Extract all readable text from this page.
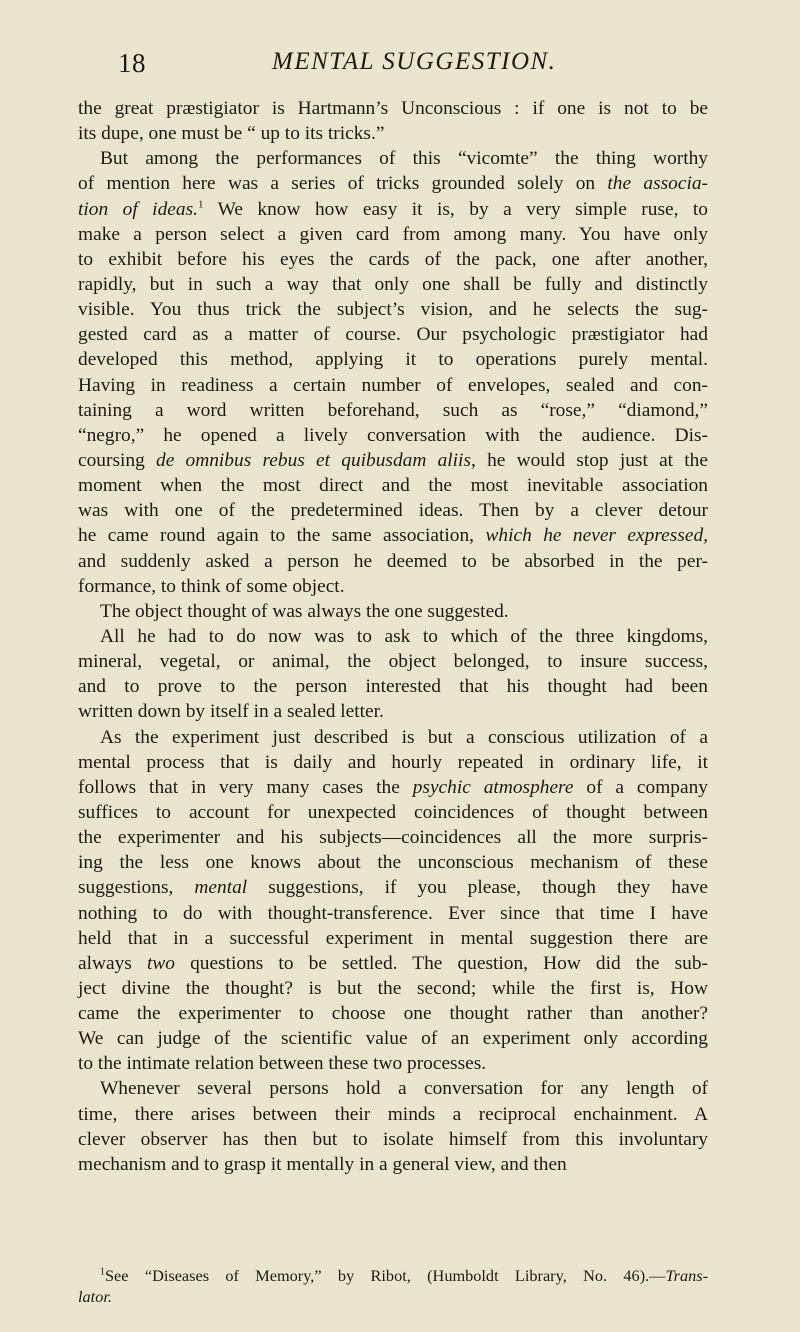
18	MENTAL SUGGESTION.
the great prӕstigiator is Hartmann’s Unconscious : if one is not to be
its dupe, one must be “ up to its tricks.”
But among the performances of this “vicomte” the thing worthy
of mention here was a series of tricks grounded solely on the associa-
tion of ideas.$^1$ We know how easy it is, by a very simple ruse, to
make a person select a given card from among many. You have only
to exhibit before his eyes the cards of the pack, one after another,
rapidly, but in such a way that only one shall be fully and distinctly
visible. You thus trick the subject’s vision, and he selects the sug-
gested card as a matter of course. Our psychologic prӕstigiator had
developed this method, applying it to operations purely mental.
Having in readiness a certain number of envelopes, sealed and con-
taining a word written beforehand, such as “rose,” “diamond,”
“negro,” he opened a lively conversation with the audience. Dis-
coursing de omnibus rebus et quibusdam aliis, he would stop just at the
moment when the most direct and the most inevitable association
was with one of the predetermined ideas. Then by a clever detour
he came round again to the same association, which he never expressed,
and suddenly asked a person he deemed to be absorbed in the per-
formance, to think of some object.
The object thought of was always the one suggested.
All he had to do now was to ask to which of the three kingdoms,
mineral, vegetal, or animal, the object belonged, to insure success,
and to prove to the person interested that his thought had been
written down by itself in a sealed letter.
As the experiment just described is but a conscious utilization of a
mental process that is daily and hourly repeated in ordinary life, it
follows that in very many cases the psychic atmosphere of a company
suffices to account for unexpected coincidences of thought between
the experimenter and his subjects—coincidences all the more surpris-
ing the less one knows about the unconscious mechanism of these
suggestions, mental suggestions, if you please, though they have
nothing to do with thought-transference. Ever since that time I have
held that in a successful experiment in mental suggestion there are
always two questions to be settled. The question, How did the sub-
ject divine the thought? is but the second; while the first is, How
came the experimenter to choose one thought rather than another?
We can judge of the scientific value of an experiment only according
to the intimate relation between these two processes.
Whenever several persons hold a conversation for any length of
time, there arises between their minds a reciprocal enchainment. A
clever observer has then but to isolate himself from this involuntary
mechanism and to grasp it mentally in a general view, and then
$^1$See “Diseases of Memory,” by Ribot, (Humboldt Library, No. 46).—Trans-
lator.
